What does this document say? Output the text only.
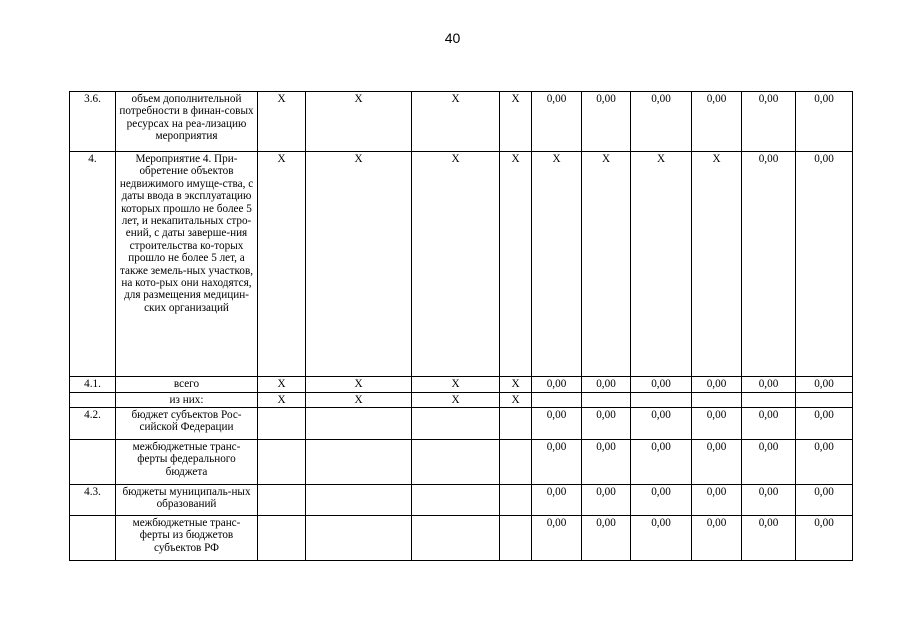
40
3.6.	объем дополнительной потребности в финан-совых ресурсах на реа-лизацию мероприятия	X	X	X	X	0,00	0,00	0,00	0,00	0,00	0,00
4.	Мероприятие 4. При-обретение объектов недвижимого имуще-ства, с даты ввода в эксплуатацию которых прошло не более 5 лет, и некапитальных стро-ений, с даты заверше-ния строительства ко-торых прошло не более 5 лет, а также земель-ных участков, на кото-рых они находятся, для размещения медицин-ских организаций	X	X	X	X	X	X	X	X	0,00	0,00
4.1.	всего	X	X	X	X	0,00	0,00	0,00	0,00	0,00	0,00
	из них:	X	X	X	X						
4.2.	бюджет субъектов Рос-сийской Федерации					0,00	0,00	0,00	0,00	0,00	0,00
	межбюджетные транс-ферты федерального бюджета					0,00	0,00	0,00	0,00	0,00	0,00
4.3.	бюджеты муниципаль-ных образований					0,00	0,00	0,00	0,00	0,00	0,00
	межбюджетные транс-ферты из бюджетов субъектов РФ					0,00	0,00	0,00	0,00	0,00	0,00
